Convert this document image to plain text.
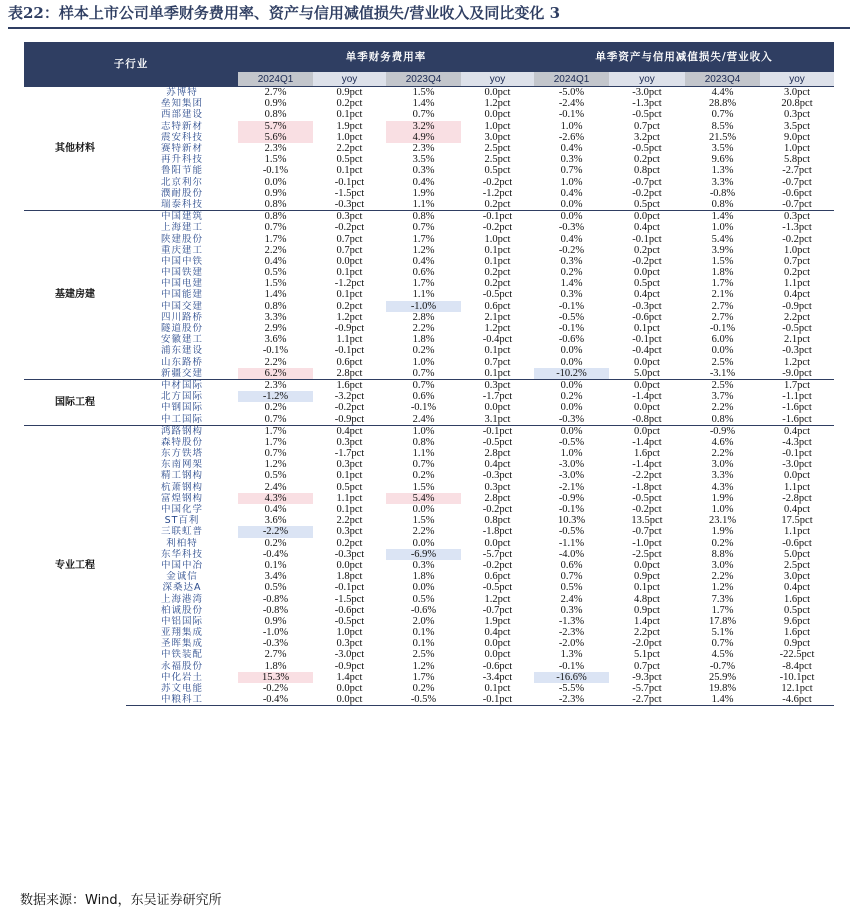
表22：样本上市公司单季财务费用率、资产与信用减值损失/营业收入及同比变化 3
子行业		单季财务费用率				单季资产与信用减值损失/营业收入			
		2024Q1	yoy	2023Q4	yoy	2024Q1	yoy	2023Q4	yoy
其他材料	苏博特	2.7%	0.9pct	1.5%	0.0pct	-5.0%	-3.0pct	4.4%	3.0pct
	垒知集团	0.9%	0.2pct	1.4%	1.2pct	-2.4%	-1.3pct	28.8%	20.8pct
	西部建设	0.8%	0.1pct	0.7%	0.0pct	-0.1%	-0.5pct	0.7%	0.3pct
	志特新材	5.7%	1.9pct	3.2%	1.0pct	1.0%	0.7pct	8.5%	3.5pct
	震安科技	5.6%	1.0pct	4.9%	3.0pct	-2.6%	3.2pct	21.5%	9.0pct
	赛特新材	2.3%	2.2pct	2.3%	2.5pct	0.4%	-0.5pct	3.5%	1.0pct
	再升科技	1.5%	0.5pct	3.5%	2.5pct	0.3%	0.2pct	9.6%	5.8pct
	鲁阳节能	-0.1%	0.1pct	0.3%	0.5pct	0.7%	0.8pct	1.3%	-2.7pct
	北京利尔	0.0%	-0.1pct	0.4%	-0.2pct	1.0%	-0.7pct	3.3%	-0.7pct
	濮耐股份	0.9%	-1.5pct	1.9%	-1.2pct	0.4%	-0.2pct	-0.8%	-0.6pct
	瑞泰科技	0.8%	-0.3pct	1.1%	0.2pct	0.0%	0.5pct	0.8%	-0.7pct
基建房建	中国建筑	0.8%	0.3pct	0.8%	-0.1pct	0.0%	0.0pct	1.4%	0.3pct
	上海建工	0.7%	-0.2pct	0.7%	-0.2pct	-0.3%	0.4pct	1.0%	-1.3pct
	陕建股份	1.7%	0.7pct	1.7%	1.0pct	0.4%	-0.1pct	5.4%	-0.2pct
	重庆建工	2.2%	0.7pct	1.2%	0.1pct	-0.2%	0.2pct	3.9%	1.0pct
	中国中铁	0.4%	0.0pct	0.4%	0.1pct	0.3%	-0.2pct	1.5%	0.7pct
	中国铁建	0.5%	0.1pct	0.6%	0.2pct	0.2%	0.0pct	1.8%	0.2pct
	中国电建	1.5%	-1.2pct	1.7%	0.2pct	1.4%	0.5pct	1.7%	1.1pct
	中国能建	1.4%	0.1pct	1.1%	-0.5pct	0.3%	0.4pct	2.1%	0.4pct
	中国交建	0.8%	0.2pct	-1.0%	0.6pct	-0.1%	-0.3pct	2.7%	-0.9pct
	四川路桥	3.3%	1.2pct	2.8%	2.1pct	-0.5%	-0.6pct	2.7%	2.2pct
	隧道股份	2.9%	-0.9pct	2.2%	1.2pct	-0.1%	0.1pct	-0.1%	-0.5pct
	安徽建工	3.6%	1.1pct	1.8%	-0.4pct	-0.6%	-0.1pct	6.0%	2.1pct
	浦东建设	-0.1%	-0.1pct	0.2%	0.1pct	0.0%	-0.4pct	0.0%	-0.3pct
	山东路桥	2.2%	0.6pct	1.0%	0.7pct	0.0%	0.0pct	2.5%	1.2pct
	新疆交建	6.2%	2.8pct	0.7%	0.1pct	-10.2%	5.0pct	-3.1%	-9.0pct
国际工程	中材国际	2.3%	1.6pct	0.7%	0.3pct	0.0%	0.0pct	2.5%	1.7pct
	北方国际	-1.2%	-3.2pct	0.6%	-1.7pct	0.2%	-1.4pct	3.7%	-1.1pct
	中钢国际	0.2%	-0.2pct	-0.1%	0.0pct	0.0%	0.0pct	2.2%	-1.6pct
	中工国际	0.7%	-0.9pct	2.4%	3.1pct	-0.3%	-0.8pct	0.8%	-1.6pct
专业工程	鸿路钢构	1.7%	0.4pct	1.0%	-0.1pct	0.0%	0.0pct	-0.9%	0.4pct
	森特股份	1.7%	0.3pct	0.8%	-0.5pct	-0.5%	-1.4pct	4.6%	-4.3pct
	东方铁塔	0.7%	-1.7pct	1.1%	2.8pct	1.0%	1.6pct	2.2%	-0.1pct
	东南网架	1.2%	0.3pct	0.7%	0.4pct	-3.0%	-1.4pct	3.0%	-3.0pct
	精工钢构	0.5%	0.1pct	0.2%	-0.3pct	-3.0%	-2.2pct	3.3%	0.0pct
	杭萧钢构	2.4%	0.5pct	1.5%	0.3pct	-2.1%	-1.8pct	4.3%	1.1pct
	富煌钢构	4.3%	1.1pct	5.4%	2.8pct	-0.9%	-0.5pct	1.9%	-2.8pct
	中国化学	0.4%	0.1pct	0.0%	-0.2pct	-0.1%	-0.2pct	1.0%	0.4pct
	ST百利	3.6%	2.2pct	1.5%	0.8pct	10.3%	13.5pct	23.1%	17.5pct
	三联虹普	-2.2%	0.3pct	2.2%	-1.8pct	-0.5%	-0.7pct	1.9%	1.1pct
	利柏特	0.2%	0.2pct	0.0%	0.0pct	-1.1%	-1.0pct	0.2%	-0.6pct
	东华科技	-0.4%	-0.3pct	-6.9%	-5.7pct	-4.0%	-2.5pct	8.8%	5.0pct
	中国中冶	0.1%	0.0pct	0.3%	-0.2pct	0.6%	0.0pct	3.0%	2.5pct
	金诚信	3.4%	1.8pct	1.8%	0.6pct	0.7%	0.9pct	2.2%	3.0pct
	深桑达A	0.5%	-0.1pct	0.0%	-0.5pct	0.5%	0.1pct	1.2%	0.4pct
	上海港湾	-0.8%	-1.5pct	0.5%	1.2pct	2.4%	4.8pct	7.3%	1.6pct
	柏诚股份	-0.8%	-0.6pct	-0.6%	-0.7pct	0.3%	0.9pct	1.7%	0.5pct
	中铝国际	0.9%	-0.5pct	2.0%	1.9pct	-1.3%	1.4pct	17.8%	9.6pct
	亚翔集成	-1.0%	1.0pct	0.1%	0.4pct	-2.3%	2.2pct	5.1%	1.6pct
	圣晖集成	-0.3%	0.3pct	0.1%	0.0pct	-2.0%	-2.0pct	0.7%	0.9pct
	中铁装配	2.7%	-3.0pct	2.5%	0.0pct	1.3%	5.1pct	4.5%	-22.5pct
	永福股份	1.8%	-0.9pct	1.2%	-0.6pct	-0.1%	0.7pct	-0.7%	-8.4pct
	中化岩土	15.3%	1.4pct	1.7%	-3.4pct	-16.6%	-9.3pct	25.9%	-10.1pct
	苏文电能	-0.2%	0.0pct	0.2%	0.1pct	-5.5%	-5.7pct	19.8%	12.1pct
	中粮科工	-0.4%	0.0pct	-0.5%	-0.1pct	-2.3%	-2.7pct	1.4%	-4.6pct
数据来源：Wind，东吴证券研究所
